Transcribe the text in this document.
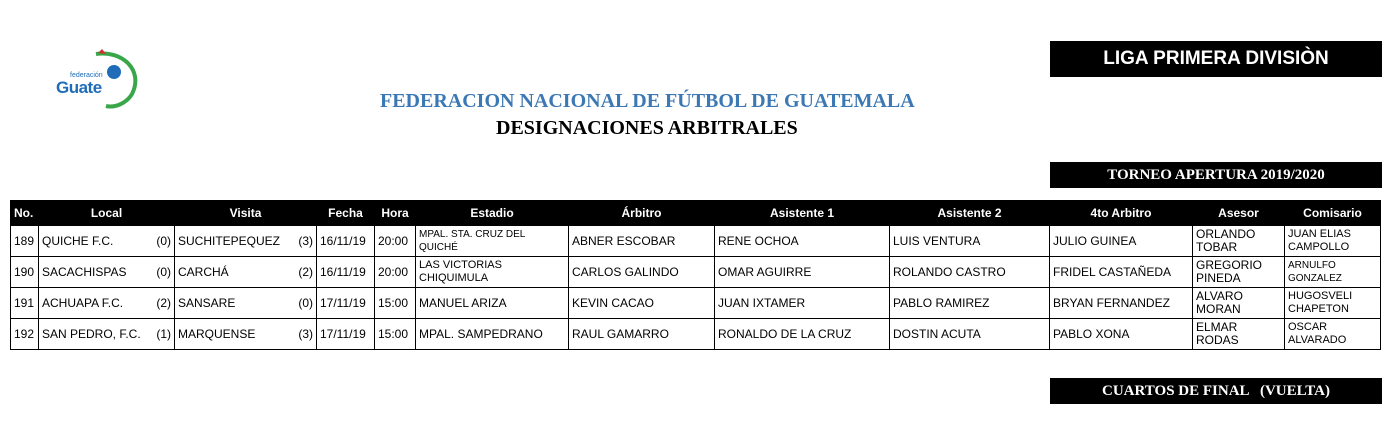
federación
Guate
LIGA PRIMERA DIVISIÒN
FEDERACION NACIONAL DE FÚTBOL DE GUATEMALA
DESIGNACIONES ARBITRALES
TORNEO APERTURA 2019/2020
No.	Local	Visita	Fecha	Hora	Estadio	Árbitro	Asistente 1	Asistente 2	4to Arbitro	Asesor	Comisario
189	QUICHE F.C. (0)	SUCHITEPEQUEZ (3)	16/11/19	20:00	MPAL. STA. CRUZ DEL QUICHÉ	ABNER ESCOBAR	RENE OCHOA	LUIS VENTURA	JULIO GUINEA	ORLANDO TOBAR	JUAN ELIAS CAMPOLLO
190	SACACHISPAS (0)	CARCHÁ (2)	16/11/19	20:00	LAS VICTORIAS CHIQUIMULA	CARLOS GALINDO	OMAR AGUIRRE	ROLANDO CASTRO	FRIDEL CASTAÑEDA	GREGORIO PINEDA	ARNULFO GONZALEZ
191	ACHUAPA F.C. (2)	SANSARE (0)	17/11/19	15:00	MANUEL ARIZA	KEVIN CACAO	JUAN IXTAMER	PABLO RAMIREZ	BRYAN FERNANDEZ	ALVARO MORAN	HUGOSVELI CHAPETON
192	SAN PEDRO, F.C. (1)	MARQUENSE (3)	17/11/19	15:00	MPAL. SAMPEDRANO	RAUL GAMARRO	RONALDO DE LA CRUZ	DOSTIN ACUTA	PABLO XONA	ELMAR RODAS	OSCAR ALVARADO
CUARTOS DE FINAL   (VUELTA)
